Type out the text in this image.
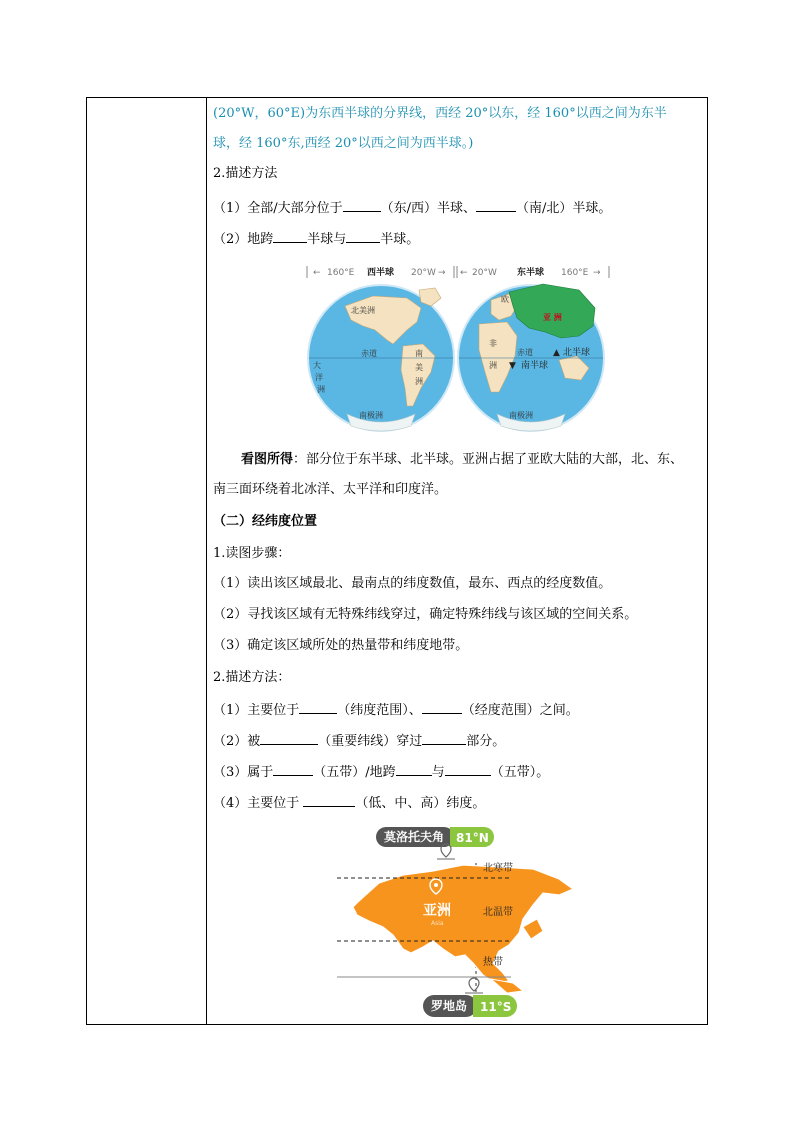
(20°W，60°E)为东西半球的分界线，西经 20°以东，经 160°以西之间为东半
球，经 160°东,西经 20°以西之间为西半球。)
2.描述方法
（1）全部/大部分位于	（东/西）半球、	（南/北）半球。
（2）地跨	半球与	半球。
← 160°E 西半球 20°W → ← 20°W 东半球 160°E →
北美洲
赤道	南
美
洲
大
洋
洲
南极洲
欧
亚 洲
非
洲
赤道 ▲ 北半球
▼ 南半球
南极洲
看图所得：部分位于东半球、北半球。亚洲占据了亚欧大陆的大部，北、东、
南三面环绕着北冰洋、太平洋和印度洋。
（二）经纬度位置
1.读图步骤：
（1）读出该区域最北、最南点的纬度数值，最东、西点的经度数值。
（2）寻找该区域有无特殊纬线穿过，确定特殊纬线与该区域的空间关系。
（3）确定该区域所处的热量带和纬度地带。
2.描述方法：
（1）主要位于	（纬度范围）、	（经度范围）之间。
（2）被	（重要纬线）穿过	部分。
（3）属于	（五带）/地跨	与	（五带）。
（4）主要位于	（低、中、高）纬度。
莫洛托夫角 81°N
北寒带
北温带
热带
亚洲
Asia
罗地岛 11°S
